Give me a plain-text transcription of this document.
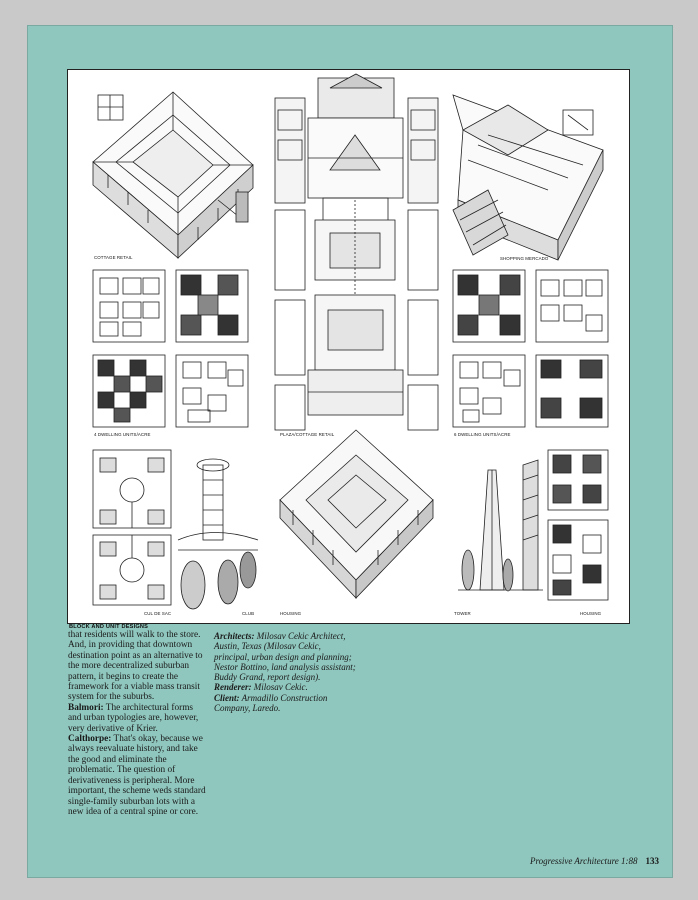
COTTAGE RETAIL	SHOPPING MERCADO
4 DWELLING UNITS/ACRE	PLAZA/COTTAGE RETAIL	6 DWELLING UNITS/ACRE
CUL DE SAC	CLUB	HOUSING	TOWER	HOUSING
BLOCK AND UNIT DESIGNS

that residents will walk to the store. And, in providing that downtown destination point as an alternative to the more decentralized suburban pattern, it begins to create the framework for a viable mass transit system for the suburbs.

Balmori: The architectural forms and urban typologies are, however, very derivative of Krier.

Calthorpe: That's okay, because we always reevaluate history, and take the good and eliminate the problematic. The question of derivativeness is peripheral. More important, the scheme weds standard single-family suburban lots with a new idea of a central spine or core.

Architects: Milosav Cekic Architect, Austin, Texas (Milosav Cekic, principal, urban design and planning; Nestor Bottino, land analysis assistant; Buddy Grand, report design).

Renderer: Milosav Cekic.

Client: Armadillo Construction Company, Laredo.

Progressive Architecture 1:88 133
